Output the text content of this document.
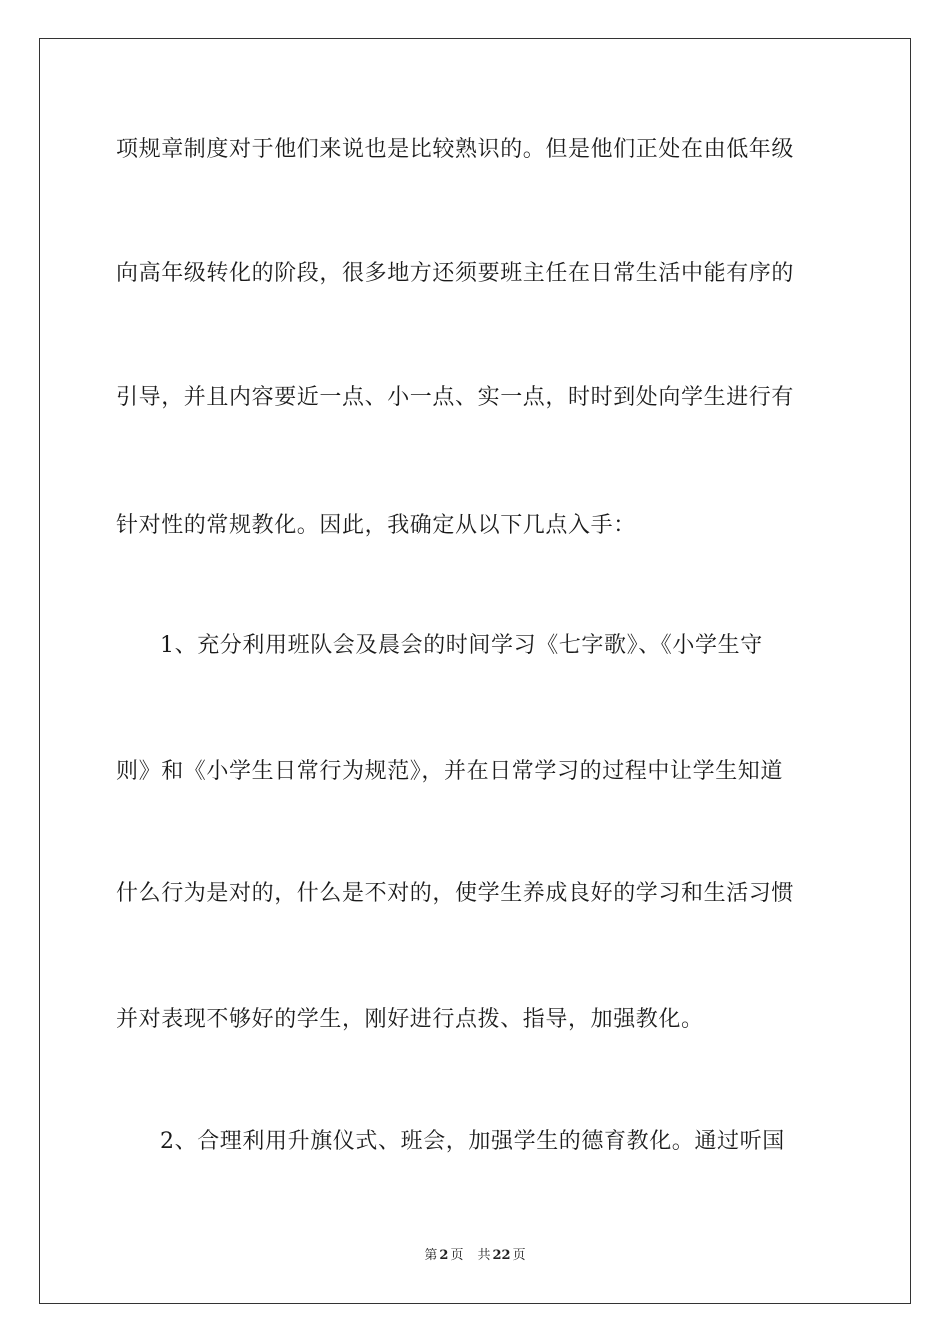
项规章制度对于他们来说也是比较熟识的。但是他们正处在由低年级
向高年级转化的阶段，很多地方还须要班主任在日常生活中能有序的
引导，并且内容要近一点、小一点、实一点，时时到处向学生进行有
针对性的常规教化。因此，我确定从以下几点入手：
1、充分利用班队会及晨会的时间学习《七字歌》、《小学生守
则》和《小学生日常行为规范》，并在日常学习的过程中让学生知道
什么行为是对的，什么是不对的，使学生养成良好的学习和生活习惯
并对表现不够好的学生，刚好进行点拨、指导，加强教化。
2、合理利用升旗仪式、班会，加强学生的德育教化。通过听国
第 2 页 共 22 页
